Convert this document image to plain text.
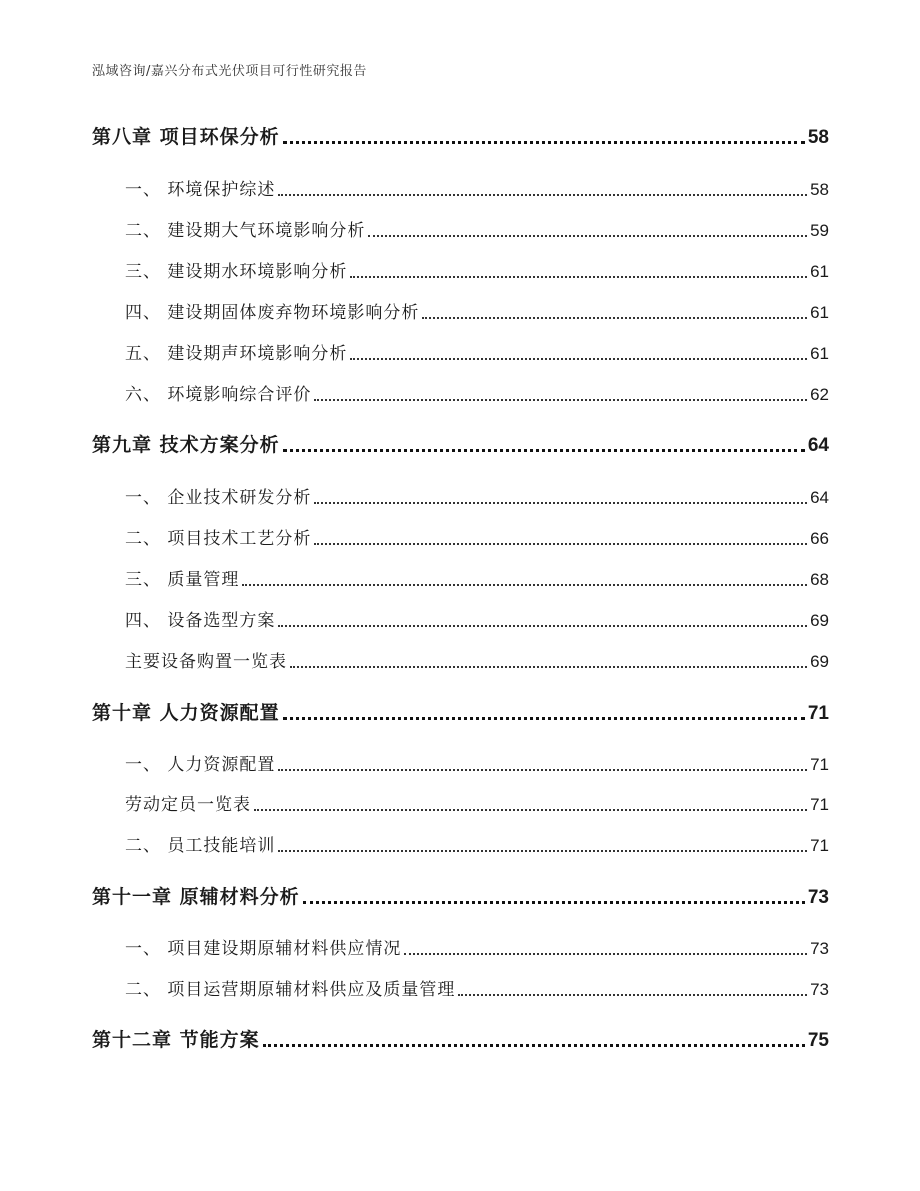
泓域咨询/嘉兴分布式光伏项目可行性研究报告
第八章 项目环保分析	58
一、 环境保护综述	58
二、 建设期大气环境影响分析	59
三、 建设期水环境影响分析	61
四、 建设期固体废弃物环境影响分析	61
五、 建设期声环境影响分析	61
六、 环境影响综合评价	62
第九章 技术方案分析	64
一、 企业技术研发分析	64
二、 项目技术工艺分析	66
三、 质量管理	68
四、 设备选型方案	69
主要设备购置一览表	69
第十章 人力资源配置	71
一、 人力资源配置	71
劳动定员一览表	71
二、 员工技能培训	71
第十一章 原辅材料分析	73
一、 项目建设期原辅材料供应情况	73
二、 项目运营期原辅材料供应及质量管理	73
第十二章 节能方案	75
